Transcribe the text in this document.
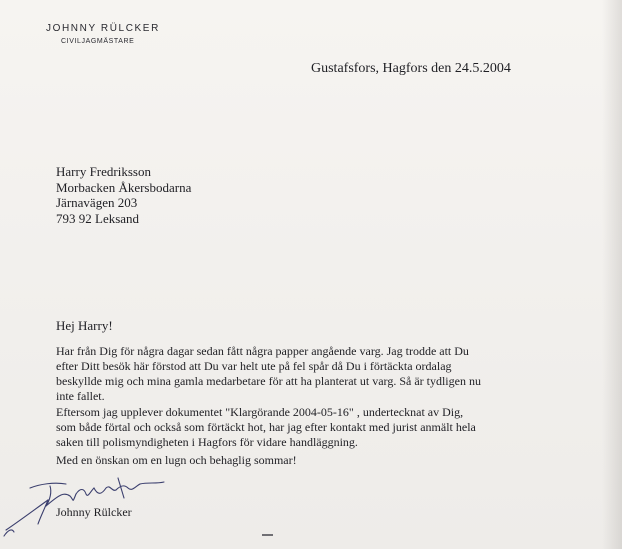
JOHNNY RÜLCKER
CIVILJAGMÄSTARE
Gustafsfors, Hagfors den 24.5.2004
Harry Fredriksson
Morbacken Åkersbodarna
Järnavägen 203
793 92 Leksand
Hej Harry!
Har från Dig för några dagar sedan fått några papper angående varg. Jag trodde att Du
efter Ditt besök här förstod att Du var helt ute på fel spår då Du i förtäckta ordalag
beskyllde mig och mina gamla medarbetare för att ha planterat ut varg. Så är tydligen nu
inte fallet.
Eftersom jag upplever dokumentet "Klargörande 2004-05-16" , undertecknat av Dig,
som både förtal och också som förtäckt hot, har jag efter kontakt med jurist anmält hela
saken till polismyndigheten i Hagfors för vidare handläggning.
Med en önskan om en lugn och behaglig sommar!
Johnny Rülcker
